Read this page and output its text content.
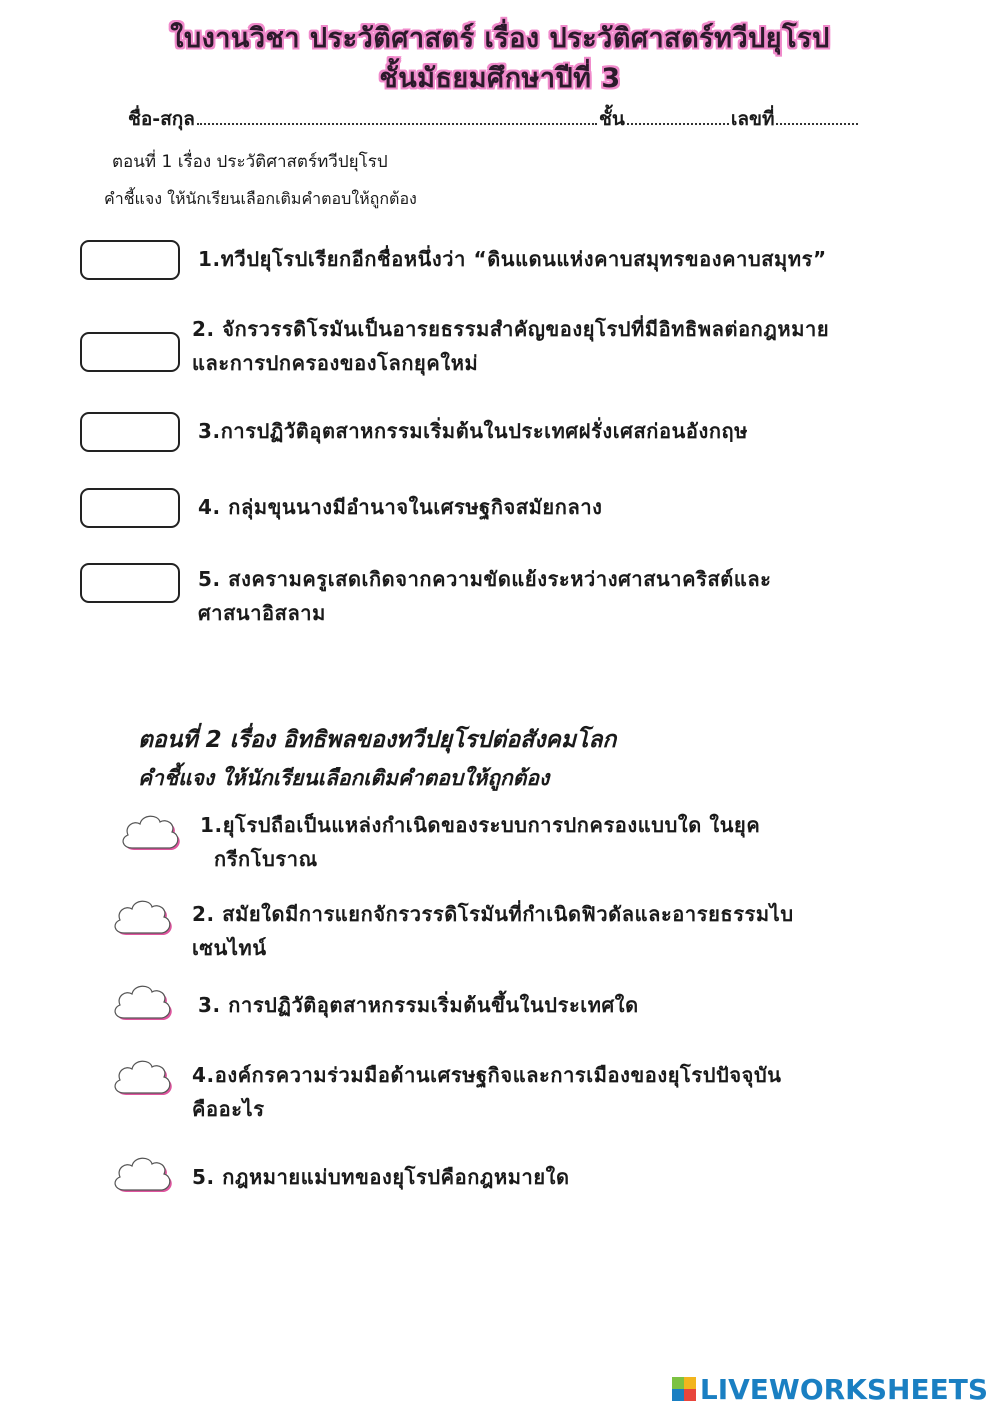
ใบงานวิชา ประวัติศาสตร์ เรื่อง ประวัติศาสตร์ทวีปยุโรป
ชั้นมัธยมศึกษาปีที่ 3
ชื่อ-สกุล	ชั้น	เลขที่
ตอนที่ 1 เรื่อง ประวัติศาสตร์ทวีปยุโรป
คำชี้แจง ให้นักเรียนเลือกเติมคำตอบให้ถูกต้อง
1.ทวีปยุโรปเรียกอีกชื่อหนึ่งว่า “ดินแดนแห่งคาบสมุทรของคาบสมุทร”
2. จักรวรรดิโรมันเป็นอารยธรรมสำคัญของยุโรปที่มีอิทธิพลต่อกฎหมาย
และการปกครองของโลกยุคใหม่
3.การปฏิวัติอุตสาหกรรมเริ่มต้นในประเทศฝรั่งเศสก่อนอังกฤษ
4. กลุ่มขุนนางมีอำนาจในเศรษฐกิจสมัยกลาง
5. สงครามครูเสดเกิดจากความขัดแย้งระหว่างศาสนาคริสต์และ
ศาสนาอิสลาม
ตอนที่ 2 เรื่อง อิทธิพลของทวีปยุโรปต่อสังคมโลก
คำชี้แจง ให้นักเรียนเลือกเติมคำตอบให้ถูกต้อง
1.ยุโรปถือเป็นแหล่งกำเนิดของระบบการปกครองแบบใด ในยุค
กรีกโบราณ
2. สมัยใดมีการแยกจักรวรรดิโรมันที่กำเนิดฟิวดัลและอารยธรรมไบ
เซนไทน์
3. การปฏิวัติอุตสาหกรรมเริ่มต้นขึ้นในประเทศใด
4.องค์กรความร่วมมือด้านเศรษฐกิจและการเมืองของยุโรปปัจจุบัน
คืออะไร
5. กฎหมายแม่บทของยุโรปคือกฎหมายใด
LIVEWORKSHEETS
